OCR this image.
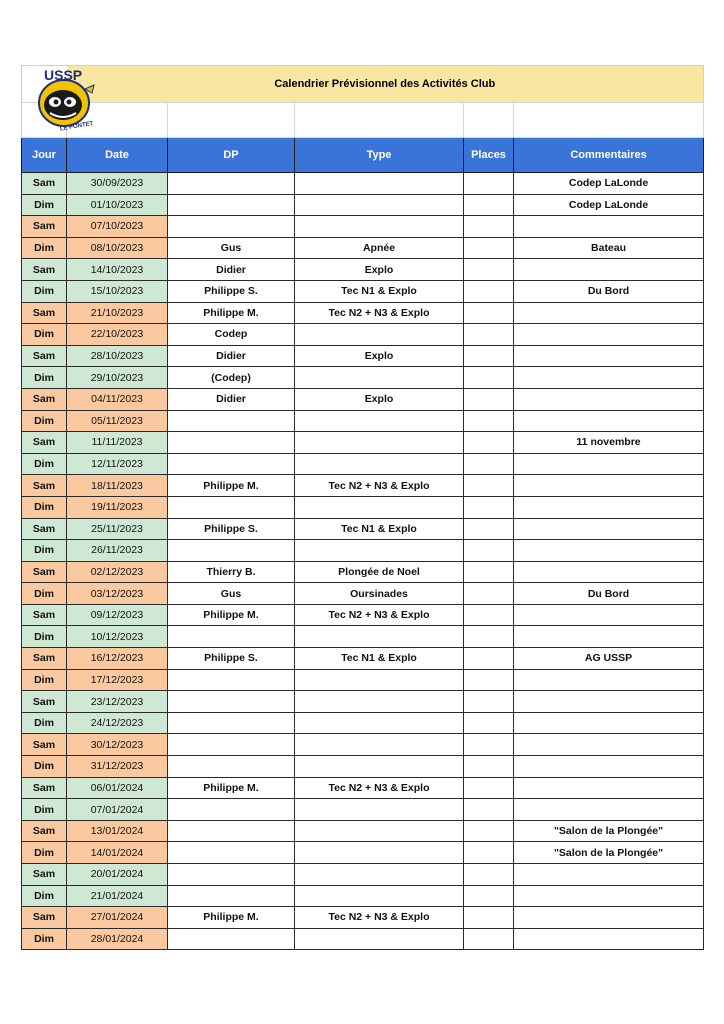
USSP
LE PONTET	Calendrier Prévisionnel des Activités Club				

Jour	Date	DP	Type	Places	Commentaires
Sam	30/09/2023				Codep LaLonde
Dim	01/10/2023				Codep LaLonde
Sam	07/10/2023				
Dim	08/10/2023	Gus	Apnée		Bateau
Sam	14/10/2023	Didier	Explo		
Dim	15/10/2023	Philippe S.	Tec N1 & Explo		Du Bord
Sam	21/10/2023	Philippe M.	Tec N2 + N3 & Explo		
Dim	22/10/2023	Codep			
Sam	28/10/2023	Didier	Explo		
Dim	29/10/2023	(Codep)			
Sam	04/11/2023	Didier	Explo		
Dim	05/11/2023				
Sam	11/11/2023				11 novembre
Dim	12/11/2023				
Sam	18/11/2023	Philippe M.	Tec N2 + N3 & Explo		
Dim	19/11/2023				
Sam	25/11/2023	Philippe S.	Tec N1 & Explo		
Dim	26/11/2023				
Sam	02/12/2023	Thierry B.	Plongée de Noel		
Dim	03/12/2023	Gus	Oursinades		Du Bord
Sam	09/12/2023	Philippe M.	Tec N2 + N3 & Explo		
Dim	10/12/2023				
Sam	16/12/2023	Philippe S.	Tec N1 & Explo		AG USSP
Dim	17/12/2023				
Sam	23/12/2023				
Dim	24/12/2023				
Sam	30/12/2023				
Dim	31/12/2023				
Sam	06/01/2024	Philippe M.	Tec N2 + N3 & Explo		
Dim	07/01/2024				
Sam	13/01/2024				"Salon de la Plongée"
Dim	14/01/2024				"Salon de la Plongée"
Sam	20/01/2024				
Dim	21/01/2024				
Sam	27/01/2024	Philippe M.	Tec N2 + N3 & Explo		
Dim	28/01/2024				
